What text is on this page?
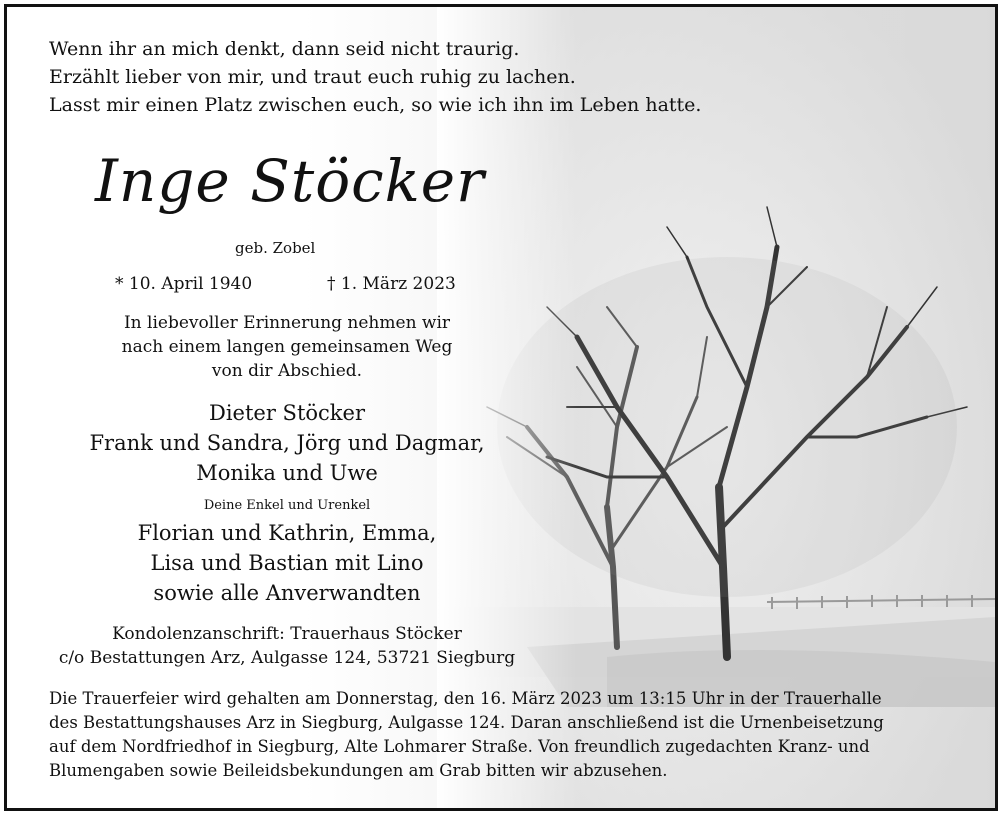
Wenn ihr an mich denkt, dann seid nicht traurig.
Erzählt lieber von mir, und traut euch ruhig zu lachen.
Lasst mir einen Platz zwischen euch, so wie ich ihn im Leben hatte.
Inge Stöcker
geb. Zobel
* 10. April 1940	† 1. März 2023
In liebevoller Erinnerung nehmen wir
nach einem langen gemeinsamen Weg
von dir Abschied.
Dieter Stöcker
Frank und Sandra, Jörg und Dagmar,
Monika und Uwe
Deine Enkel und Urenkel
Florian und Kathrin, Emma,
Lisa und Bastian mit Lino
sowie alle Anverwandten
Kondolenzanschrift: Trauerhaus Stöcker
c/o Bestattungen Arz, Aulgasse 124, 53721 Siegburg
Die Trauerfeier wird gehalten am Donnerstag, den 16. März 2023 um 13:15 Uhr in der Trauerhalle
des Bestattungshauses Arz in Siegburg, Aulgasse 124. Daran anschließend ist die Urnenbeisetzung
auf dem Nordfriedhof in Siegburg, Alte Lohmarer Straße. Von freundlich zugedachten Kranz- und
Blumengaben sowie Beileidsbekundungen am Grab bitten wir abzusehen.
